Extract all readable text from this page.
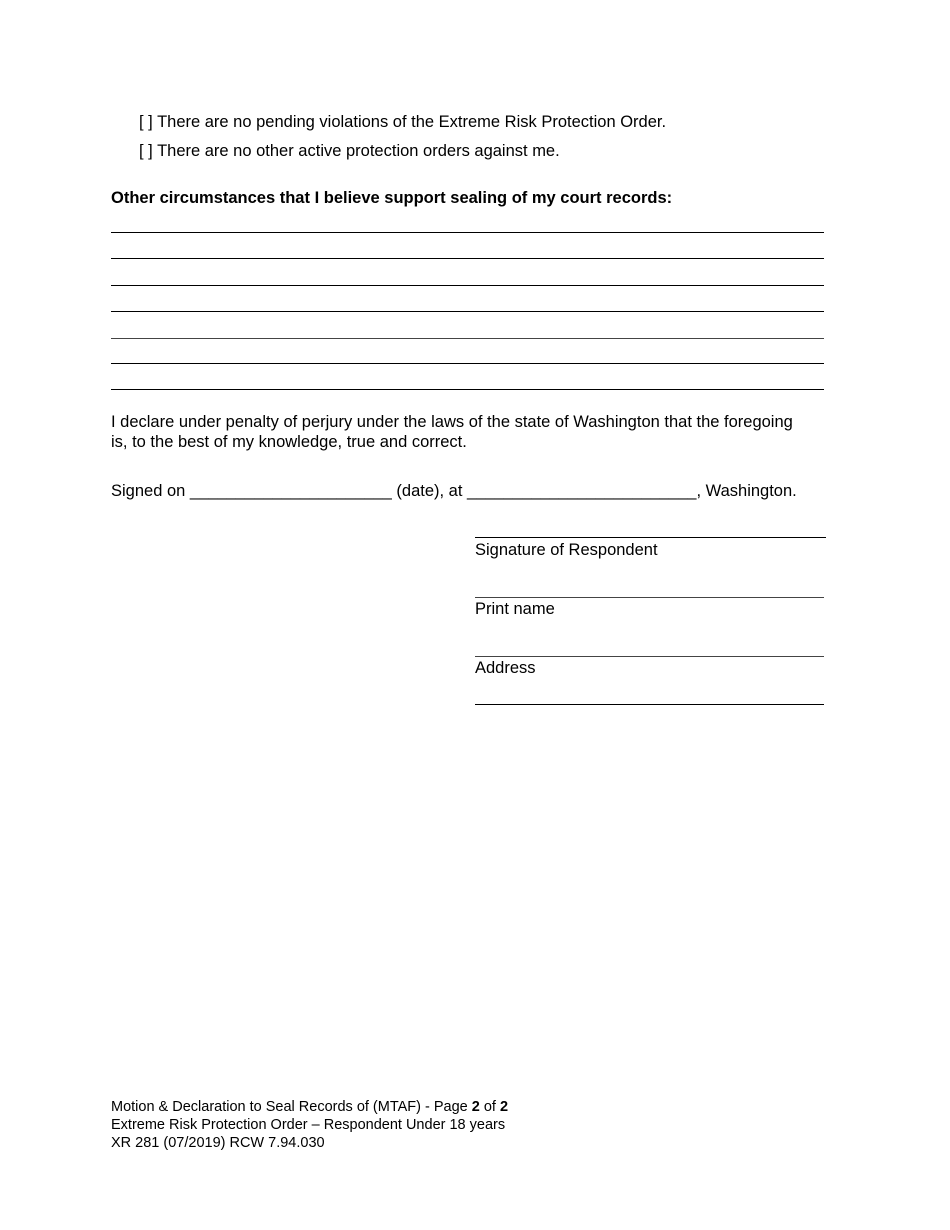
[ ] There are no pending violations of the Extreme Risk Protection Order.
[ ] There are no other active protection orders against me.
Other circumstances that I believe support sealing of my court records:
I declare under penalty of perjury under the laws of the state of Washington that the foregoing
is, to the best of my knowledge, true and correct.
Signed on ______________________ (date), at _________________________, Washington.
Signature of Respondent
Print name
Address
Motion & Declaration to Seal Records of (MTAF) - Page 2 of 2
Extreme Risk Protection Order – Respondent Under 18 years
XR 281 (07/2019) RCW 7.94.030
